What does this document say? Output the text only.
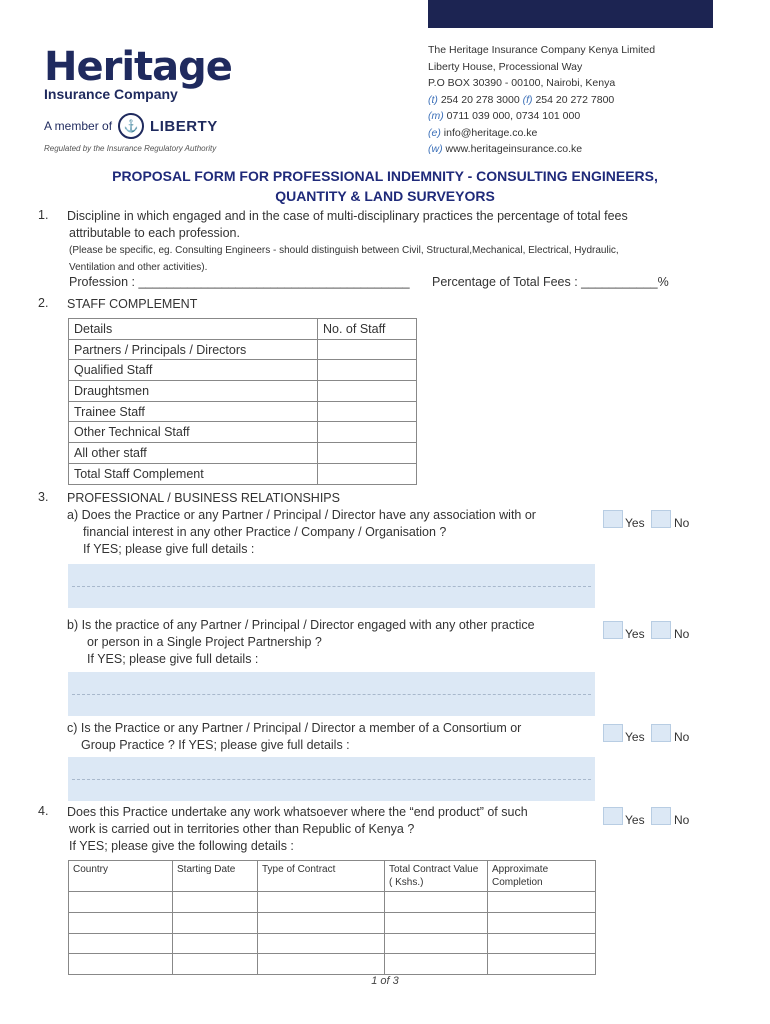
Heritage
Insurance Company
A member of ⚓ LIBERTY
Regulated by the Insurance Regulatory Authority
The Heritage Insurance Company Kenya Limited
Liberty House, Processional Way
P.O BOX 30390 - 00100, Nairobi, Kenya
(t) 254 20 278 3000 (f) 254 20 272 7800
(m) 0711 039 000, 0734 101 000
(e) info@heritage.co.ke
(w) www.heritageinsurance.co.ke
PROPOSAL FORM FOR PROFESSIONAL INDEMNITY - CONSULTING ENGINEERS,
QUANTITY & LAND SURVEYORS
1. Discipline in which engaged and in the case of multi-disciplinary practices the percentage of total fees
attributable to each profession.
(Please be specific, eg. Consulting Engineers - should distinguish between Civil, Structural,Mechanical, Electrical, Hydraulic,
Ventilation and other activities).
Profession : _______________________________________ Percentage of Total Fees : ___________%
2. STAFF COMPLEMENT
Details	No. of Staff
Partners / Principals / Directors	
Qualified Staff	
Draughtsmen	
Trainee Staff	
Other Technical Staff	
All other staff	
Total Staff Complement	
3. PROFESSIONAL / BUSINESS RELATIONSHIPS
a) Does the Practice or any Partner / Principal / Director have any association with or
financial interest in any other Practice / Company / Organisation ?
If YES; please give full details :
Yes No
b) Is the practice of any Partner / Principal / Director engaged with any other practice
or person in a Single Project Partnership ?
If YES; please give full details :
Yes No
c) Is the Practice or any Partner / Principal / Director a member of a Consortium or
Group Practice ? If YES; please give full details :
Yes No
4. Does this Practice undertake any work whatsoever where the “end product” of such
work is carried out in territories other than Republic of Kenya ?
If YES; please give the following details :
Yes No
Country	Starting Date	Type of Contract	Total Contract Value ( Kshs.)	Approximate Completion

1 of 3
